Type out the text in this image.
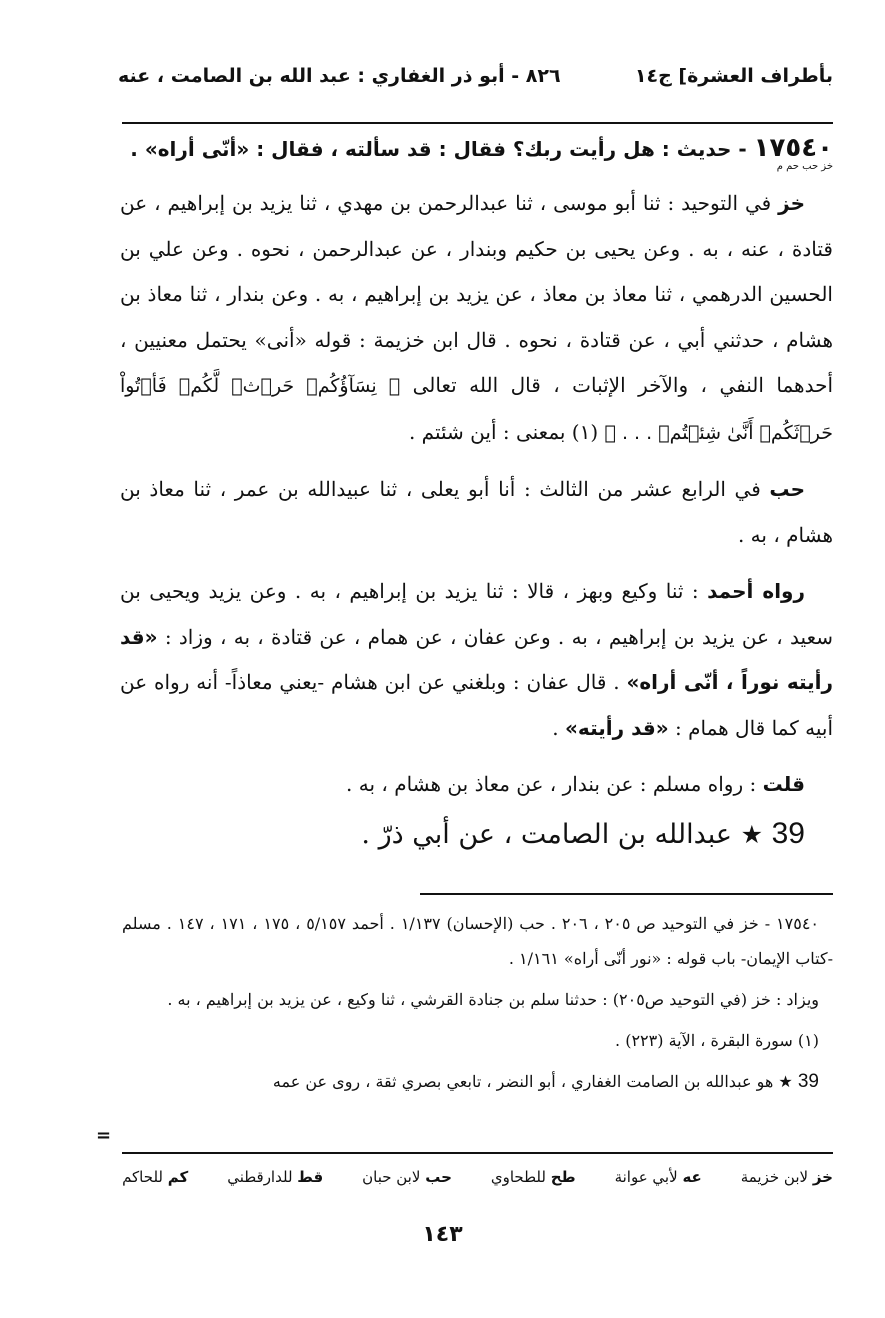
بأطراف العشرة] ج١٤
٨٢٦ - أبو ذر الغفاري : عبد الله بن الصامت ، عنه
١٧٥٤٠ - حديث : هل رأيت ربك؟ فقال : قد سألته ، فقال : «أنّى أراه» .
خز حب حم م

خز في التوحيد : ثنا أبو موسى ، ثنا عبدالرحمن بن مهدي ، ثنا يزيد بن إبراهيم ، عن قتادة ، عنه ، به . وعن يحيى بن حكيم وبندار ، عن عبدالرحمن ، نحوه . وعن علي بن الحسين الدرهمي ، ثنا معاذ بن معاذ ، عن يزيد بن إبراهيم ، به . وعن بندار ، ثنا معاذ بن هشام ، حدثني أبي ، عن قتادة ، نحوه . قال ابن خزيمة : قوله «أنى» يحتمل معنيين ، أحدهما النفي ، والآخر الإثبات ، قال الله تعالى ﴿ نِسَآؤُكُمۡ حَرۡثٞ لَّكُمۡ فَأۡتُواْ حَرۡثَكُمۡ أَنَّىٰ شِئۡتُمۡ . . . ﴾ (١) بمعنى : أين شئتم .

حب في الرابع عشر من الثالث : أنا أبو يعلى ، ثنا عبيدالله بن عمر ، ثنا معاذ بن هشام ، به .

رواه أحمد : ثنا وكيع وبهز ، قالا : ثنا يزيد بن إبراهيم ، به . وعن يزيد ويحيى بن سعيد ، عن يزيد بن إبراهيم ، به . وعن عفان ، عن همام ، عن قتادة ، به ، وزاد : «قد رأيته نوراً ، أنّى أراه» . قال عفان : وبلغني عن ابن هشام -يعني معاذاً- أنه رواه عن أبيه كما قال همام : «قد رأيته» .

قلت : رواه مسلم : عن بندار ، عن معاذ بن هشام ، به .

39 ★ عبدالله بن الصامت ، عن أبي ذرّ .

١٧٥٤٠ - خز في التوحيد ص ٢٠٥ ، ٢٠٦ . حب (الإحسان) ١/١٣٧ . أحمد ٥/١٥٧ ، ١٧٥ ، ١٧١ ، ١٤٧ . مسلم -كتاب الإيمان- باب قوله : «نور أنّى أراه» ١/١٦١ .

ويزاد : خز (في التوحيد ص٢٠٥) : حدثنا سلم بن جنادة القرشي ، ثنا وكيع ، عن يزيد بن إبراهيم ، به .

(١) سورة البقرة ، الآية (٢٢٣) .

39 ★ هو عبدالله بن الصامت الغفاري ، أبو النضر ، تابعي بصري ثقة ، روى عن عمه

=
خز لابن خزيمة
عه لأبي عوانة
طح للطحاوي
حب لابن حبان
قط للدارقطني
كم للحاكم
١٤٣
